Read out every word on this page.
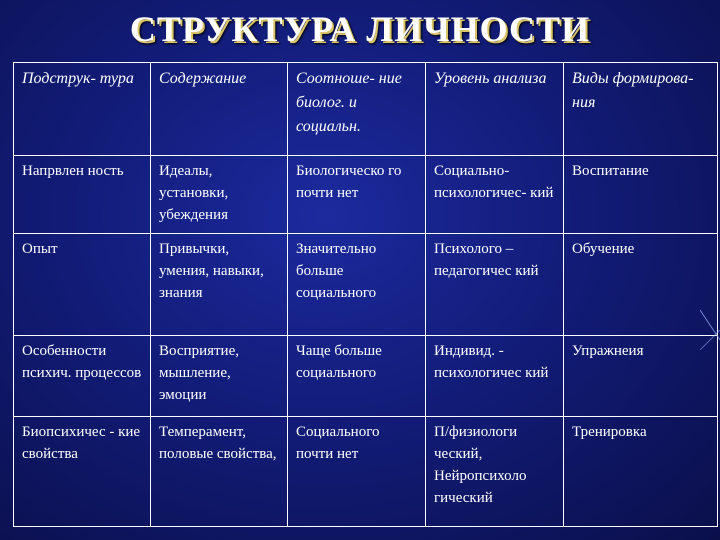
СТРУКТУРА ЛИЧНОСТИ
Подструк- тура	Содержание	Соотноше- ние биолог. и социальн.	Уровень анализа	Виды формирова- ния
Напрвлен ность	Идеалы, установки, убеждения	Биологическо го почти нет	Социально- психологичес- кий	Воспитание
Опыт	Привычки, умения, навыки, знания	Значительно больше социального	Психолого – педагогичес кий	Обучение
Особенности психич. процессов	Восприятие, мышление, эмоции	Чаще больше социального	Индивид. - психологичес кий	Упражнеия
Биопсихичес - кие свойства	Темперамент, половые свойства,	Социального почти нет	П/физиологи ческий, Нейропсихоло гический	Тренировка
